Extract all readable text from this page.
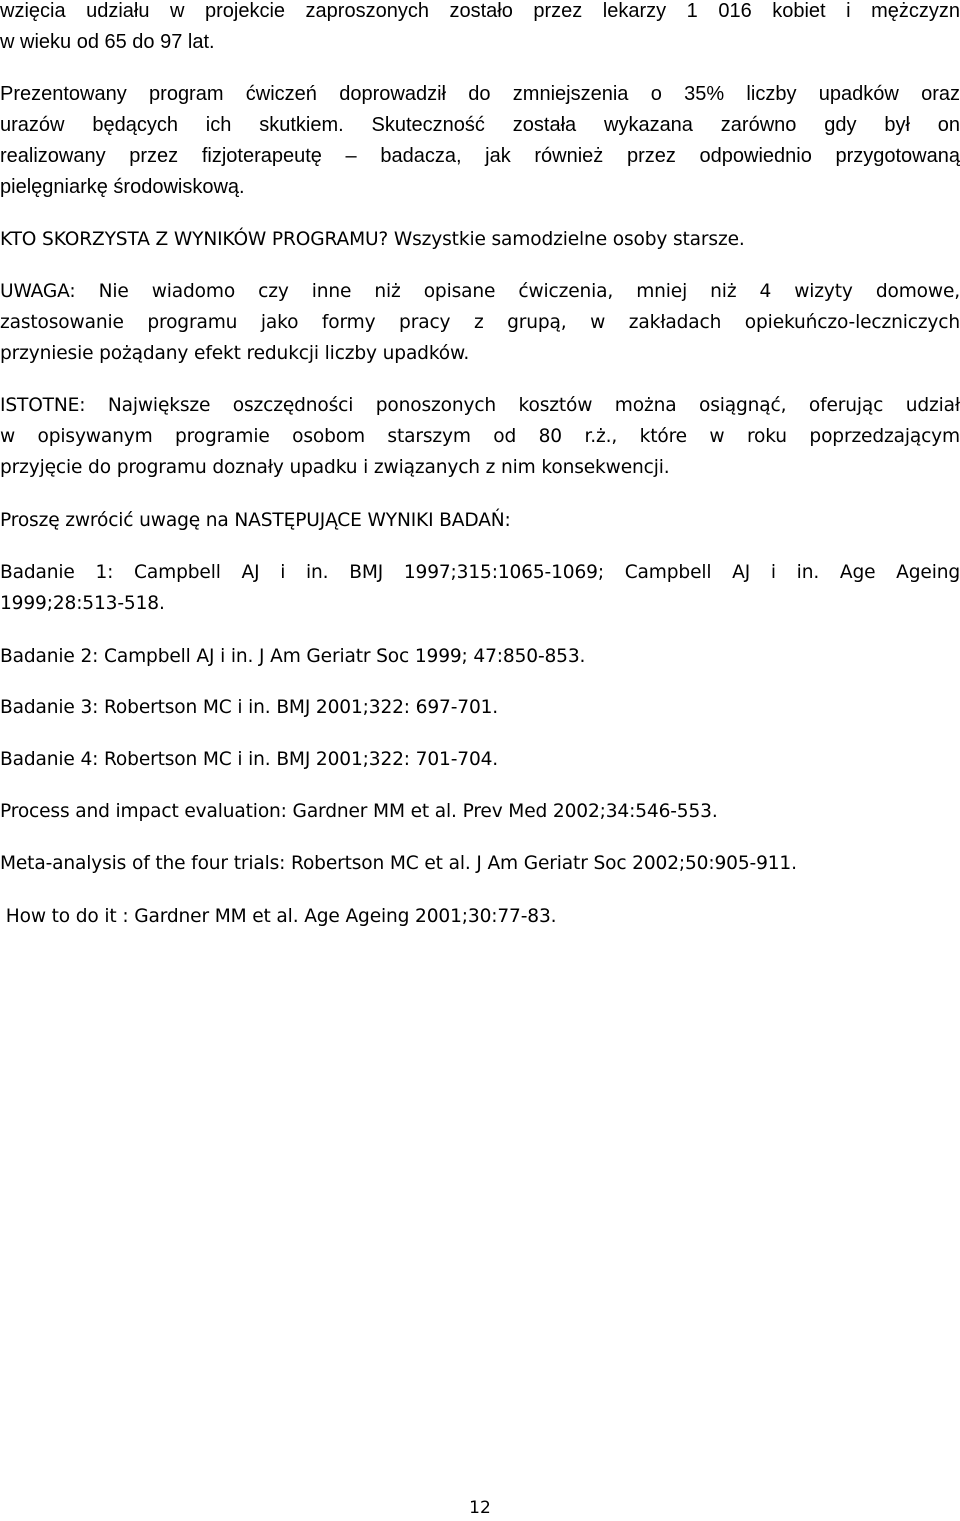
wzięcia udziału w projekcie zaproszonych zostało przez lekarzy 1 016 kobiet i mężczyzn
w wieku od 65 do 97 lat.

Prezentowany program ćwiczeń doprowadził do zmniejszenia o 35% liczby upadków oraz
urazów będących ich skutkiem. Skuteczność została wykazana zarówno gdy był on
realizowany przez fizjoterapeutę – badacza, jak również przez odpowiednio przygotowaną
pielęgniarkę środowiskową.

KTO SKORZYSTA Z WYNIKÓW PROGRAMU? Wszystkie samodzielne osoby starsze.

UWAGA: Nie wiadomo czy inne niż opisane ćwiczenia, mniej niż 4 wizyty domowe,
zastosowanie programu jako formy pracy z grupą, w zakładach opiekuńczo-leczniczych
przyniesie pożądany efekt redukcji liczby upadków.

ISTOTNE: Największe oszczędności ponoszonych kosztów można osiągnąć, oferując udział
w opisywanym programie osobom starszym od 80 r.ż., które w roku poprzedzającym
przyjęcie do programu doznały upadku i związanych z nim konsekwencji.

Proszę zwrócić uwagę na NASTĘPUJĄCE WYNIKI BADAŃ:

Badanie 1: Campbell AJ i in. BMJ 1997;315:1065-1069; Campbell AJ i in. Age Ageing
1999;28:513-518.

Badanie 2: Campbell AJ i in. J Am Geriatr Soc 1999; 47:850-853.

Badanie 3: Robertson MC i in. BMJ 2001;322: 697-701.

Badanie 4: Robertson MC i in. BMJ 2001;322: 701-704.

Process and impact evaluation: Gardner MM et al. Prev Med 2002;34:546-553.

Meta-analysis of the four trials: Robertson MC et al. J Am Geriatr Soc 2002;50:905-911.

How to do it : Gardner MM et al. Age Ageing 2001;30:77-83.

12
